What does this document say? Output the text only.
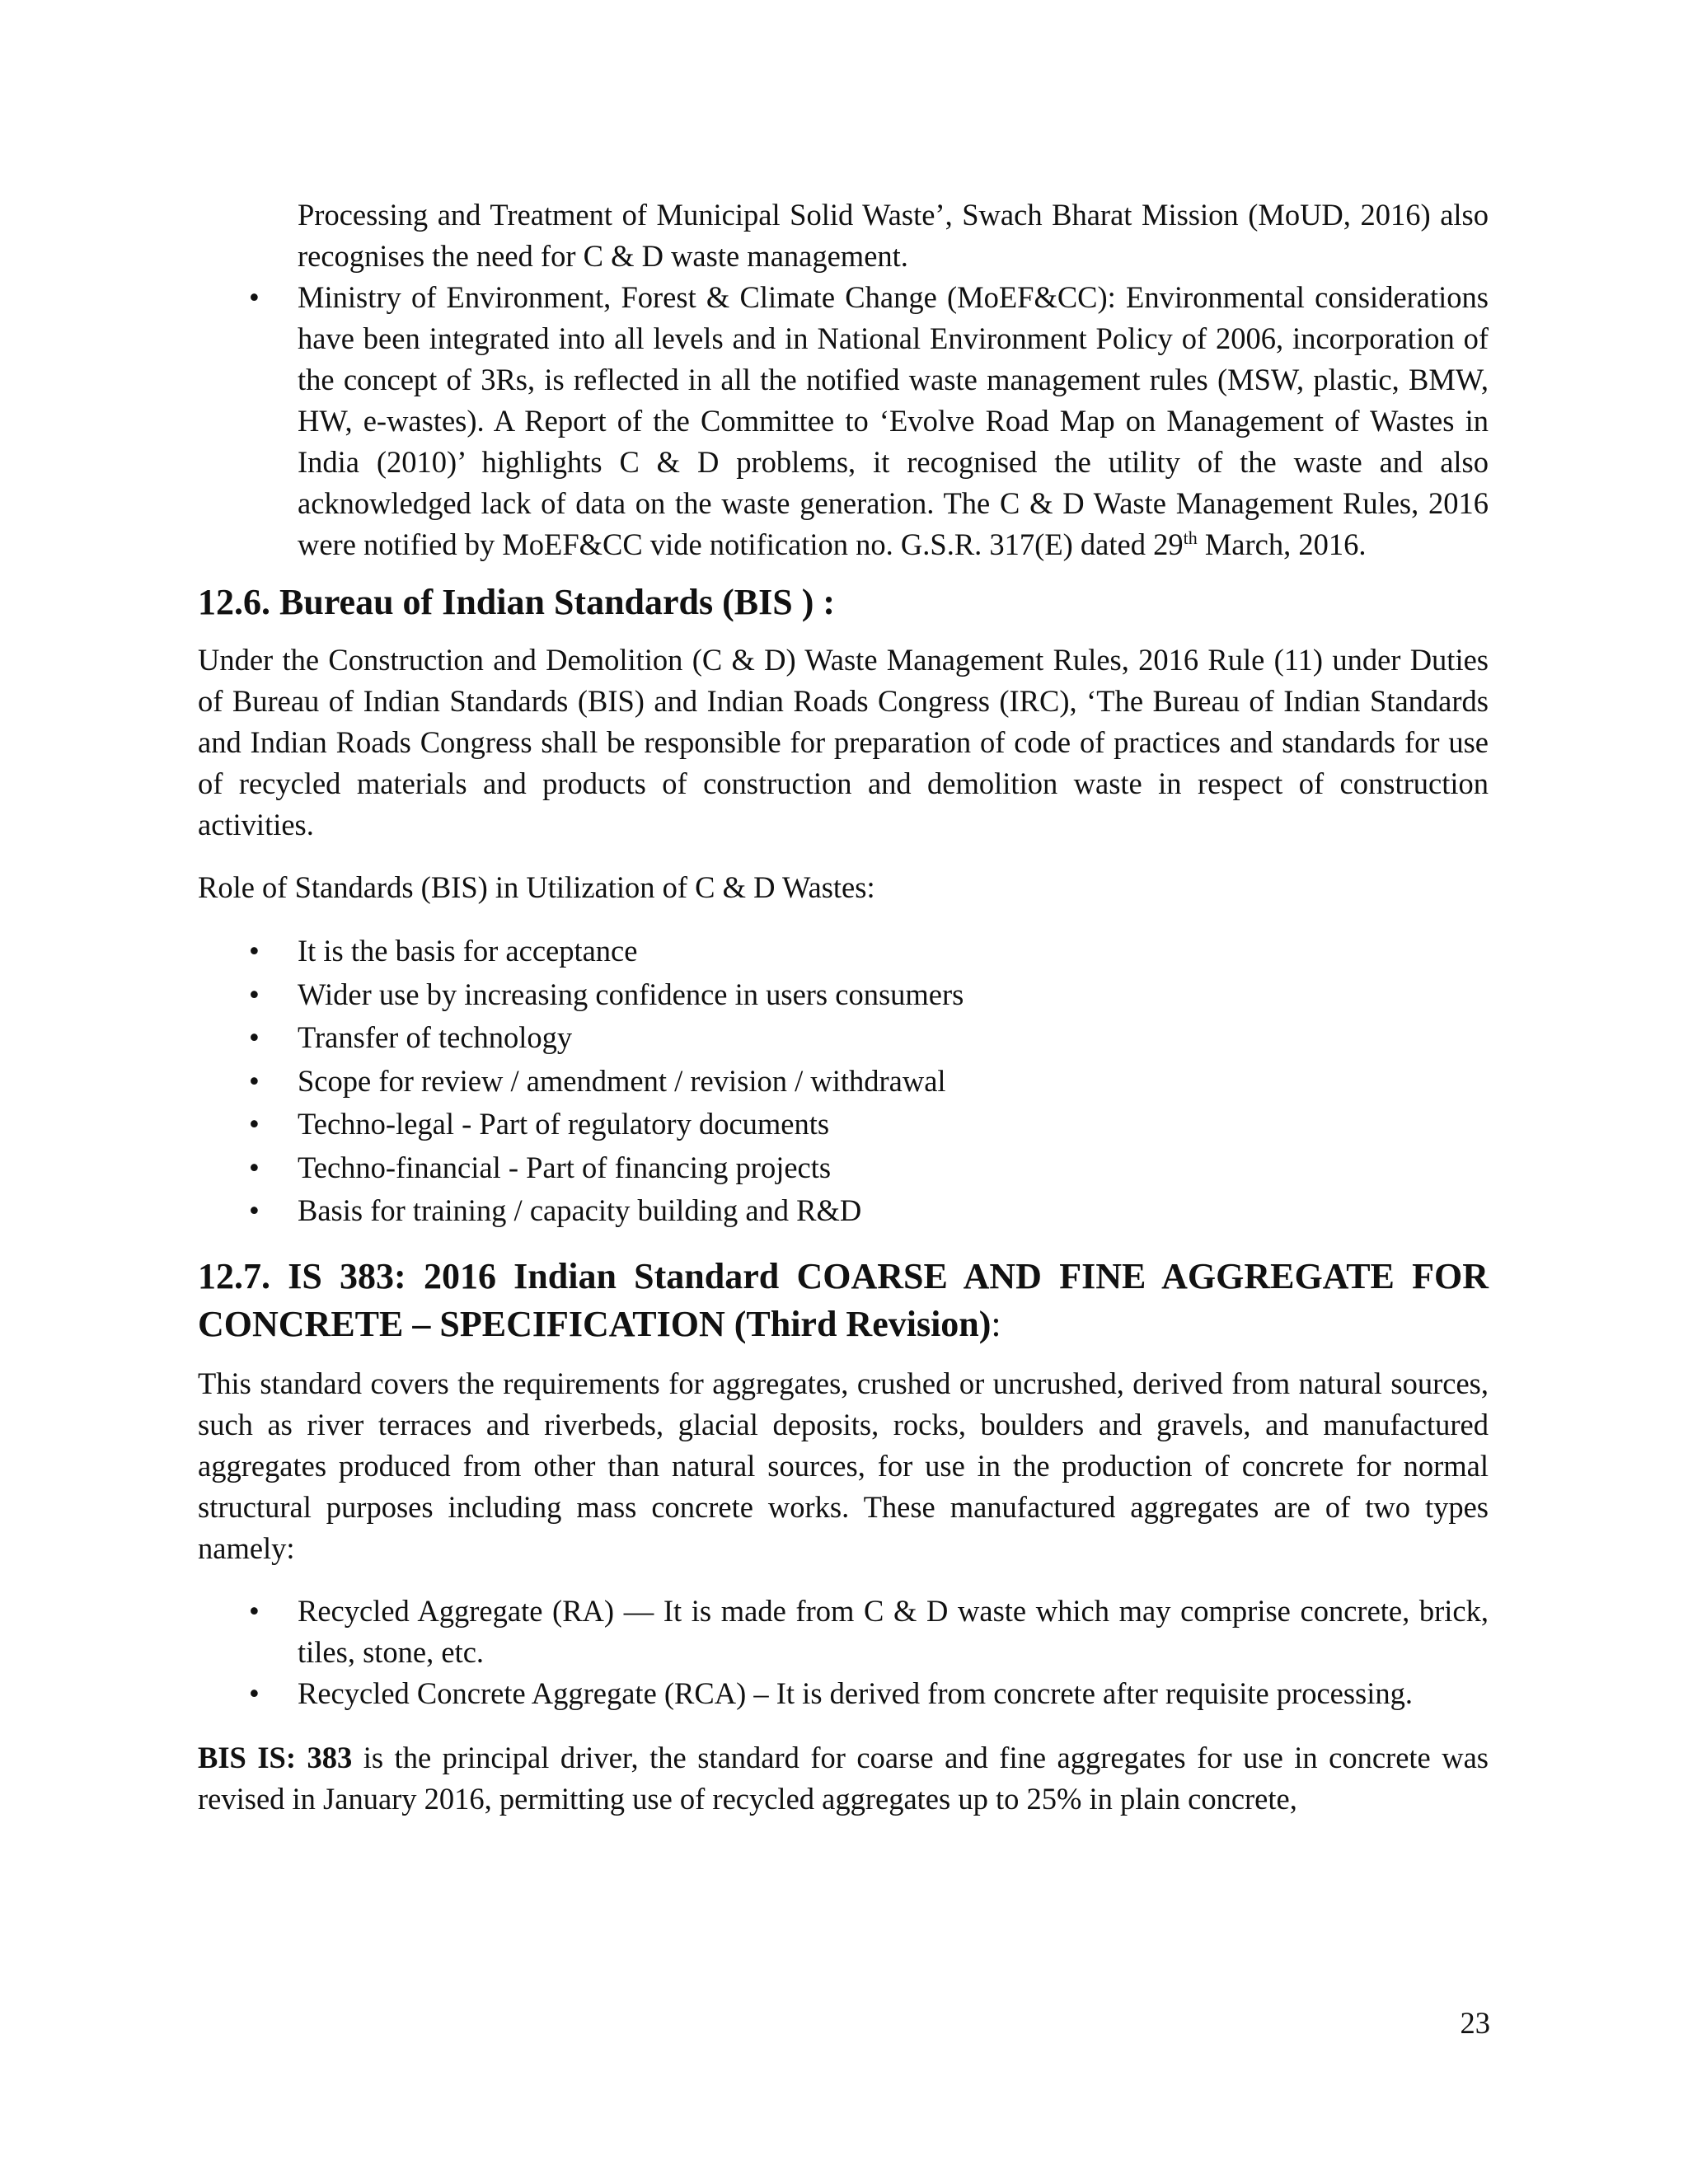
Processing and Treatment of Municipal Solid Waste’, Swach Bharat Mission (MoUD, 2016) also recognises the need for C & D waste management.

• Ministry of Environment, Forest & Climate Change (MoEF&CC): Environmental considerations have been integrated into all levels and in National Environment Policy of 2006, incorporation of the concept of 3Rs, is reflected in all the notified waste management rules (MSW, plastic, BMW, HW, e-wastes). A Report of the Committee to ‘Evolve Road Map on Management of Wastes in India (2010)’ highlights C & D problems, it recognised the utility of the waste and also acknowledged lack of data on the waste generation. The C & D Waste Management Rules, 2016 were notified by MoEF&CC vide notification no. G.S.R. 317(E) dated 29th March, 2016.
12.6. Bureau of Indian Standards (BIS ) :

Under the Construction and Demolition (C & D) Waste Management Rules, 2016 Rule (11) under Duties of Bureau of Indian Standards (BIS) and Indian Roads Congress (IRC), ‘The Bureau of Indian Standards and Indian Roads Congress shall be responsible for preparation of code of practices and standards for use of recycled materials and products of construction and demolition waste in respect of construction activities.

Role of Standards (BIS) in Utilization of C & D Wastes:

• It is the basis for acceptance
• Wider use by increasing confidence in users consumers
• Transfer of technology
• Scope for review / amendment / revision / withdrawal
• Techno-legal - Part of regulatory documents
• Techno-financial - Part of financing projects
• Basis for training / capacity building and R&D
12.7. IS 383: 2016 Indian Standard COARSE AND FINE AGGREGATE FOR CONCRETE – SPECIFICATION (Third Revision):

This standard covers the requirements for aggregates, crushed or uncrushed, derived from natural sources, such as river terraces and riverbeds, glacial deposits, rocks, boulders and gravels, and manufactured aggregates produced from other than natural sources, for use in the production of concrete for normal structural purposes including mass concrete works. These manufactured aggregates are of two types namely:

• Recycled Aggregate (RA) — It is made from C & D waste which may comprise concrete, brick, tiles, stone, etc.
• Recycled Concrete Aggregate (RCA) – It is derived from concrete after requisite processing.

BIS IS: 383 is the principal driver, the standard for coarse and fine aggregates for use in concrete was revised in January 2016, permitting use of recycled aggregates up to 25% in plain concrete,

23
